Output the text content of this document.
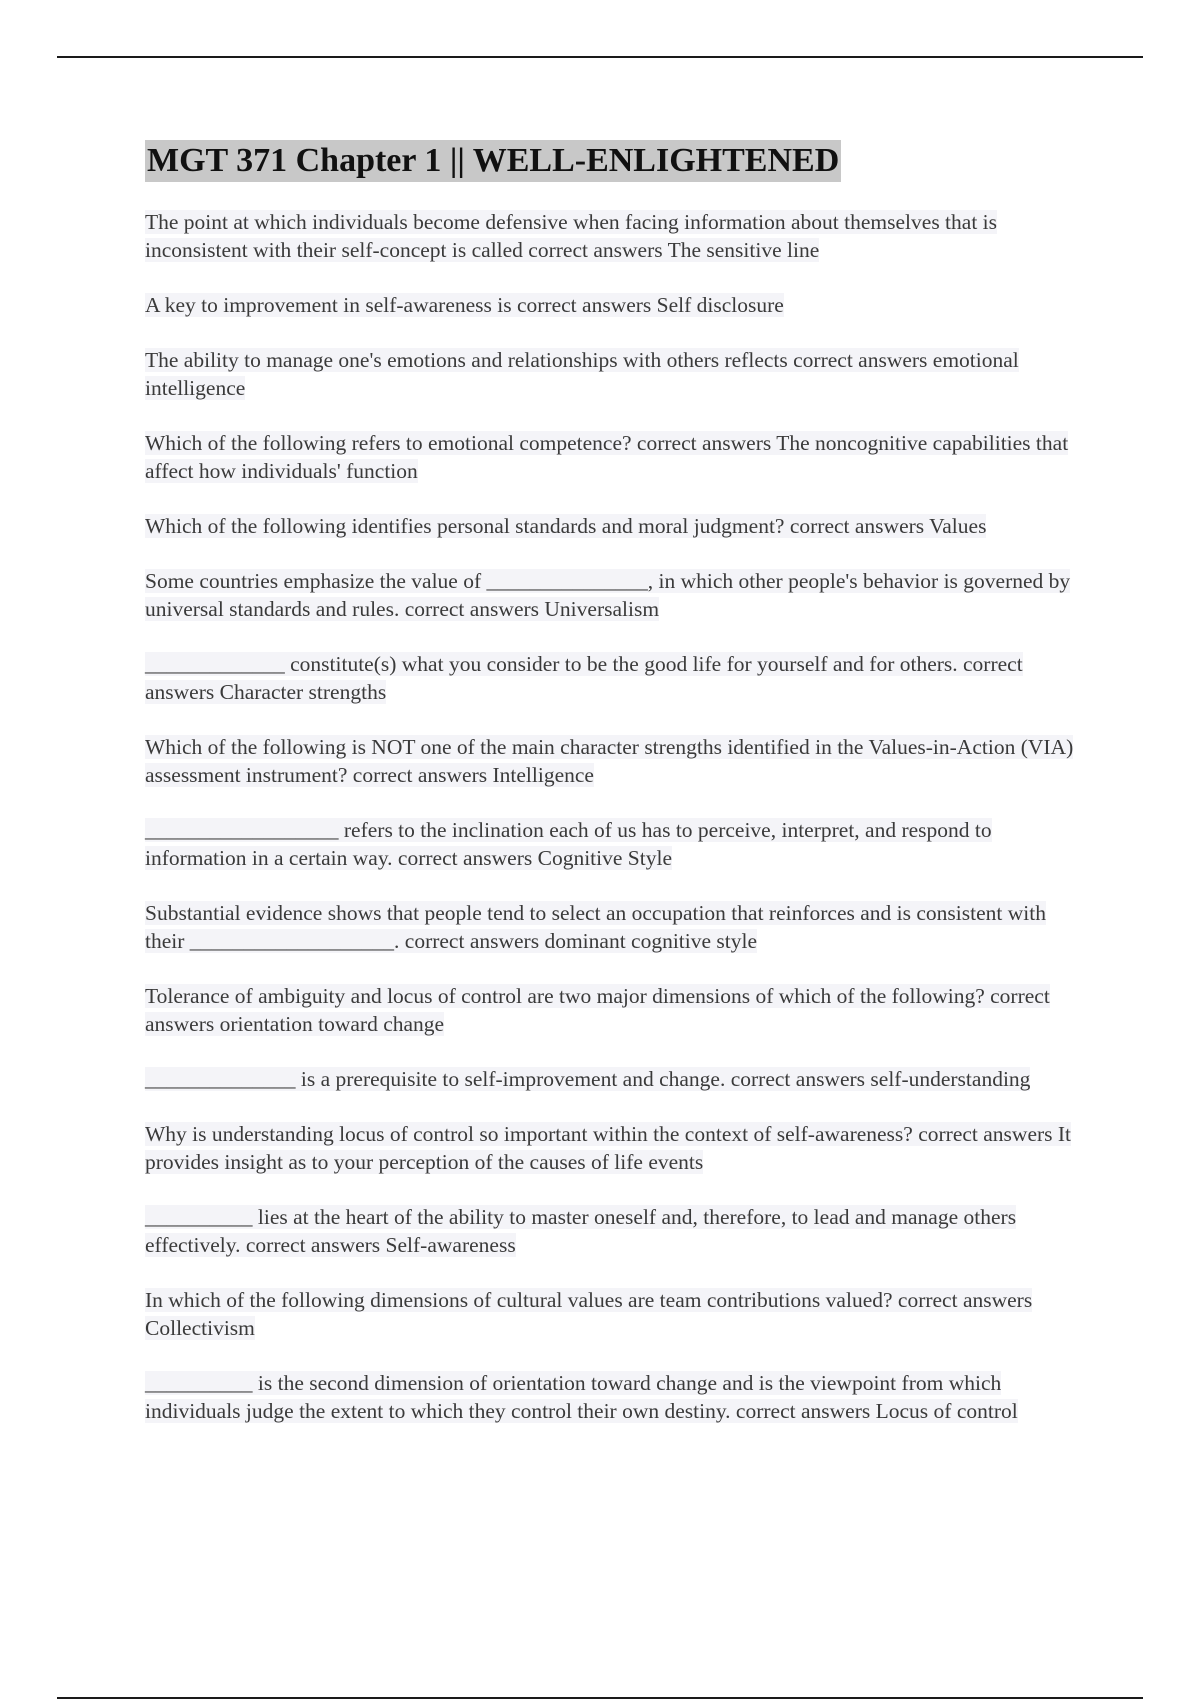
MGT 371 Chapter 1 || WELL-ENLIGHTENED

The point at which individuals become defensive when facing information about themselves that is inconsistent with their self-concept is called correct answers The sensitive line

A key to improvement in self-awareness is correct answers Self disclosure

The ability to manage one's emotions and relationships with others reflects correct answers emotional intelligence

Which of the following refers to emotional competence? correct answers The noncognitive capabilities that affect how individuals' function

Which of the following identifies personal standards and moral judgment? correct answers Values

Some countries emphasize the value of _______________, in which other people's behavior is governed by universal standards and rules. correct answers Universalism

_____________ constitute(s) what you consider to be the good life for yourself and for others. correct answers Character strengths

Which of the following is NOT one of the main character strengths identified in the Values-in-Action (VIA) assessment instrument? correct answers Intelligence

__________________ refers to the inclination each of us has to perceive, interpret, and respond to information in a certain way. correct answers Cognitive Style

Substantial evidence shows that people tend to select an occupation that reinforces and is consistent with their ___________________. correct answers dominant cognitive style

Tolerance of ambiguity and locus of control are two major dimensions of which of the following? correct answers orientation toward change

______________ is a prerequisite to self-improvement and change. correct answers self-understanding

Why is understanding locus of control so important within the context of self-awareness? correct answers It provides insight as to your perception of the causes of life events

__________ lies at the heart of the ability to master oneself and, therefore, to lead and manage others effectively. correct answers Self-awareness

In which of the following dimensions of cultural values are team contributions valued? correct answers Collectivism

__________ is the second dimension of orientation toward change and is the viewpoint from which individuals judge the extent to which they control their own destiny. correct answers Locus of control
